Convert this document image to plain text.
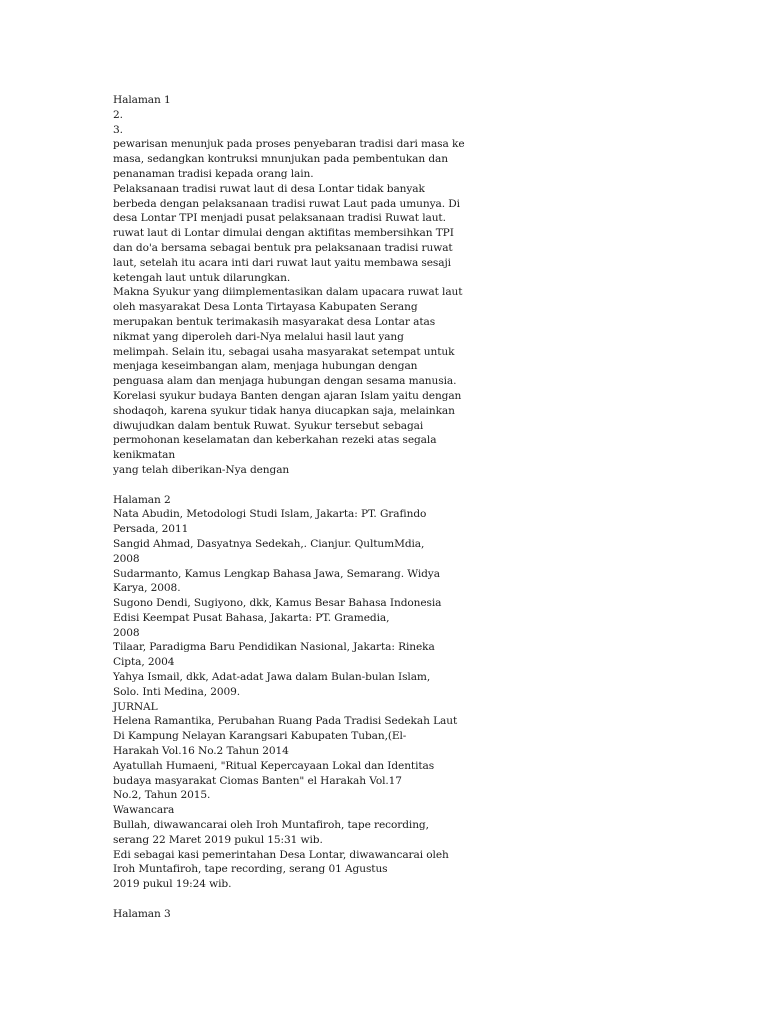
Halaman 1
2.
3.
pewarisan menunjuk pada proses penyebaran tradisi dari masa ke
masa, sedangkan kontruksi mnunjukan pada pembentukan dan
penanaman tradisi kepada orang lain.
Pelaksanaan tradisi ruwat laut di desa Lontar tidak banyak
berbeda dengan pelaksanaan tradisi ruwat Laut pada umunya. Di
desa Lontar TPI menjadi pusat pelaksanaan tradisi Ruwat laut.
ruwat laut di Lontar dimulai dengan aktifitas membersihkan TPI
dan do'a bersama sebagai bentuk pra pelaksanaan tradisi ruwat
laut, setelah itu acara inti dari ruwat laut yaitu membawa sesaji
ketengah laut untuk dilarungkan.
Makna Syukur yang diimplementasikan dalam upacara ruwat laut
oleh masyarakat Desa Lonta Tirtayasa Kabupaten Serang
merupakan bentuk terimakasih masyarakat desa Lontar atas
nikmat yang diperoleh dari-Nya melalui hasil laut yang
melimpah. Selain itu, sebagai usaha masyarakat setempat untuk
menjaga keseimbangan alam, menjaga hubungan dengan
penguasa alam dan menjaga hubungan dengan sesama manusia.
Korelasi syukur budaya Banten dengan ajaran Islam yaitu dengan
shodaqoh, karena syukur tidak hanya diucapkan saja, melainkan
diwujudkan dalam bentuk Ruwat. Syukur tersebut sebagai
permohonan keselamatan dan keberkahan rezeki atas segala
kenikmatan
yang telah diberikan-Nya dengan
Halaman 2
Nata Abudin, Metodologi Studi Islam, Jakarta: PT. Grafindo
Persada, 2011
Sangid Ahmad, Dasyatnya Sedekah,. Cianjur. QultumMdia,
2008
Sudarmanto, Kamus Lengkap Bahasa Jawa, Semarang. Widya
Karya, 2008.
Sugono Dendi, Sugiyono, dkk, Kamus Besar Bahasa Indonesia
Edisi Keempat Pusat Bahasa, Jakarta: PT. Gramedia,
2008
Tilaar, Paradigma Baru Pendidikan Nasional, Jakarta: Rineka
Cipta, 2004
Yahya Ismail, dkk, Adat-adat Jawa dalam Bulan-bulan Islam,
Solo. Inti Medina, 2009.
JURNAL
Helena Ramantika, Perubahan Ruang Pada Tradisi Sedekah Laut
Di Kampung Nelayan Karangsari Kabupaten Tuban,(El-
Harakah Vol.16 No.2 Tahun 2014
Ayatullah Humaeni, "Ritual Kepercayaan Lokal dan Identitas
budaya masyarakat Ciomas Banten" el Harakah Vol.17
No.2, Tahun 2015.
Wawancara
Bullah, diwawancarai oleh Iroh Muntafiroh, tape recording,
serang 22 Maret 2019 pukul 15:31 wib.
Edi sebagai kasi pemerintahan Desa Lontar, diwawancarai oleh
Iroh Muntafiroh, tape recording, serang 01 Agustus
2019 pukul 19:24 wib.
Halaman 3
